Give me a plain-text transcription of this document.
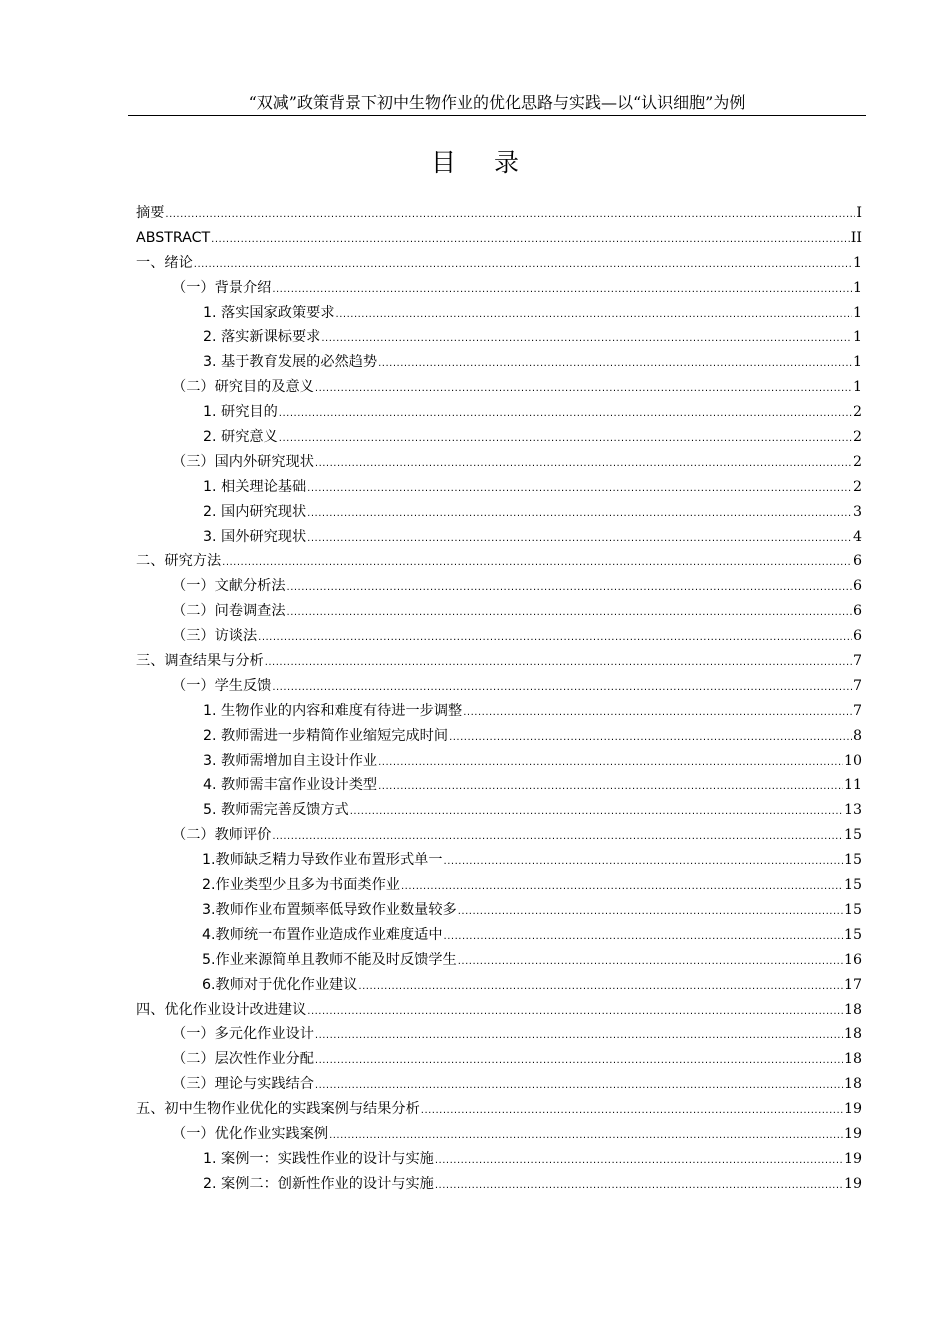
“双减”政策背景下初中生物作业的优化思路与实践—以“认识细胞”为例
目录
摘要 .....	I
ABSTRACT .....	II
一、绪论 .....	1
（一）背景介绍 .....	1
1. 落实国家政策要求 .....	1
2. 落实新课标要求 .....	1
3. 基于教育发展的必然趋势 .....	1
（二）研究目的及意义 .....	1
1. 研究目的 .....	2
2. 研究意义 .....	2
（三）国内外研究现状 .....	2
1. 相关理论基础 .....	2
2. 国内研究现状 .....	3
3. 国外研究现状 .....	4
二、研究方法 .....	6
（一）文献分析法 .....	6
（二）问卷调查法 .....	6
（三）访谈法 .....	6
三、调查结果与分析 .....	7
（一）学生反馈 .....	7
1. 生物作业的内容和难度有待进一步调整 .....	7
2. 教师需进一步精简作业缩短完成时间 .....	8
3. 教师需增加自主设计作业 .....	10
4. 教师需丰富作业设计类型 .....	11
5. 教师需完善反馈方式 .....	13
（二）教师评价 .....	15
1.教师缺乏精力导致作业布置形式单一 .....	15
2.作业类型少且多为书面类作业 .....	15
3.教师作业布置频率低导致作业数量较多 .....	15
4.教师统一布置作业造成作业难度适中 .....	15
5.作业来源简单且教师不能及时反馈学生 .....	16
6.教师对于优化作业建议 .....	17
四、优化作业设计改进建议 .....	18
（一）多元化作业设计 .....	18
（二）层次性作业分配 .....	18
（三）理论与实践结合 .....	18
五、初中生物作业优化的实践案例与结果分析 .....	19
（一）优化作业实践案例 .....	19
1. 案例一：实践性作业的设计与实施 .....	19
2. 案例二：创新性作业的设计与实施 .....	19
